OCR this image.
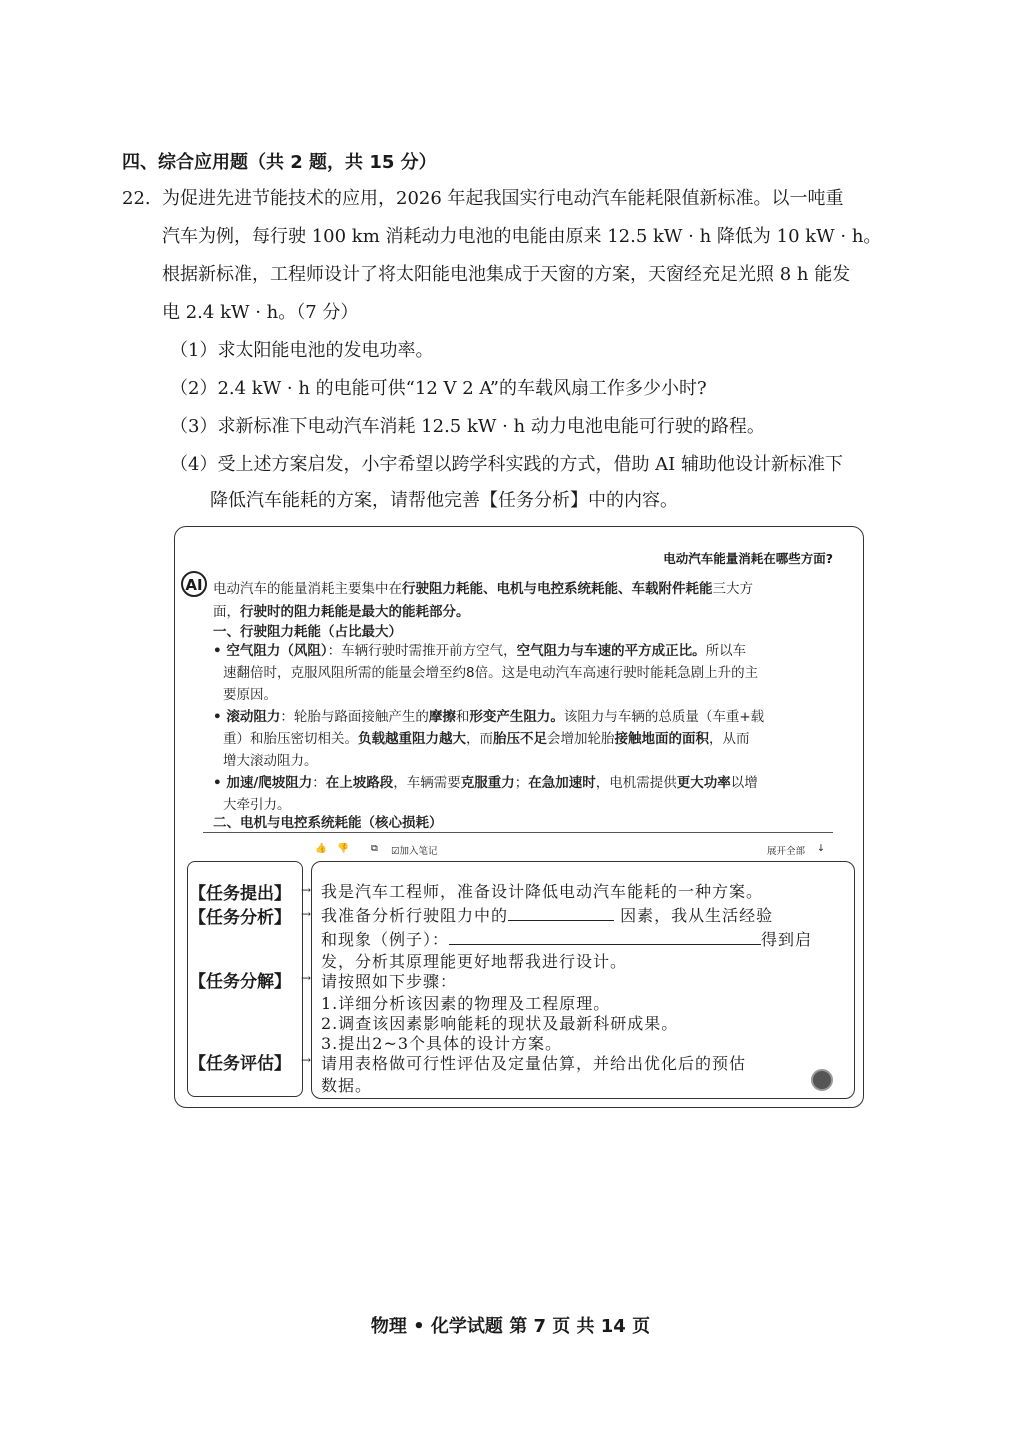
四、综合应用题（共 2 题，共 15 分）
22. 为促进先进节能技术的应用，2026 年起我国实行电动汽车能耗限值新标准。以一吨重
汽车为例，每行驶 100 km 消耗动力电池的电能由原来 12.5 kW · h 降低为 10 kW · h。
根据新标准，工程师设计了将太阳能电池集成于天窗的方案，天窗经充足光照 8 h 能发
电 2.4 kW · h。（7 分）
（1）求太阳能电池的发电功率。
（2）2.4 kW · h 的电能可供“12 V 2 A”的车载风扇工作多少小时?
（3）求新标准下电动汽车消耗 12.5 kW · h 动力电池电能可行驶的路程。
（4）受上述方案启发，小宇希望以跨学科实践的方式，借助 AI 辅助他设计新标准下
降低汽车能耗的方案，请帮他完善【任务分析】中的内容。
电动汽车能量消耗在哪些方面?
AI 电动汽车的能量消耗主要集中在行驶阻力耗能、电机与电控系统耗能、车载附件耗能三大方
面，行驶时的阻力耗能是最大的能耗部分。
一、行驶阻力耗能（占比最大）
• 空气阻力（风阻）：车辆行驶时需推开前方空气，空气阻力与车速的平方成正比。所以车
速翻倍时，克服风阻所需的能量会增至约8倍。这是电动汽车高速行驶时能耗急剧上升的主
要原因。
• 滚动阻力：轮胎与路面接触产生的摩擦和形变产生阻力。该阻力与车辆的总质量（车重+载
重）和胎压密切相关。负载越重阻力越大，而胎压不足会增加轮胎接触地面的面积，从而
增大滚动阻力。
• 加速/爬坡阻力：在上坡路段，车辆需要克服重力；在急加速时，电机需提供更大功率以增
大牵引力。
二、电机与电控系统耗能（核心损耗）
👍 👎 ⧉ ☑加入笔记	展开全部 ↓
【任务提出】
【任务分析】
【任务分解】
【任务评估】
→
→
→
→
我是汽车工程师，准备设计降低电动汽车能耗的一种方案。
我准备分析行驶阻力中的	因素，我从生活经验
和现象（例子）：	得到启
发，分析其原理能更好地帮我进行设计。
请按照如下步骤：
1.详细分析该因素的物理及工程原理。
2.调查该因素影响能耗的现状及最新科研成果。
3.提出2~3个具体的设计方案。
请用表格做可行性评估及定量估算，并给出优化后的预估
数据。
物理 • 化学试题 第 7 页 共 14 页
